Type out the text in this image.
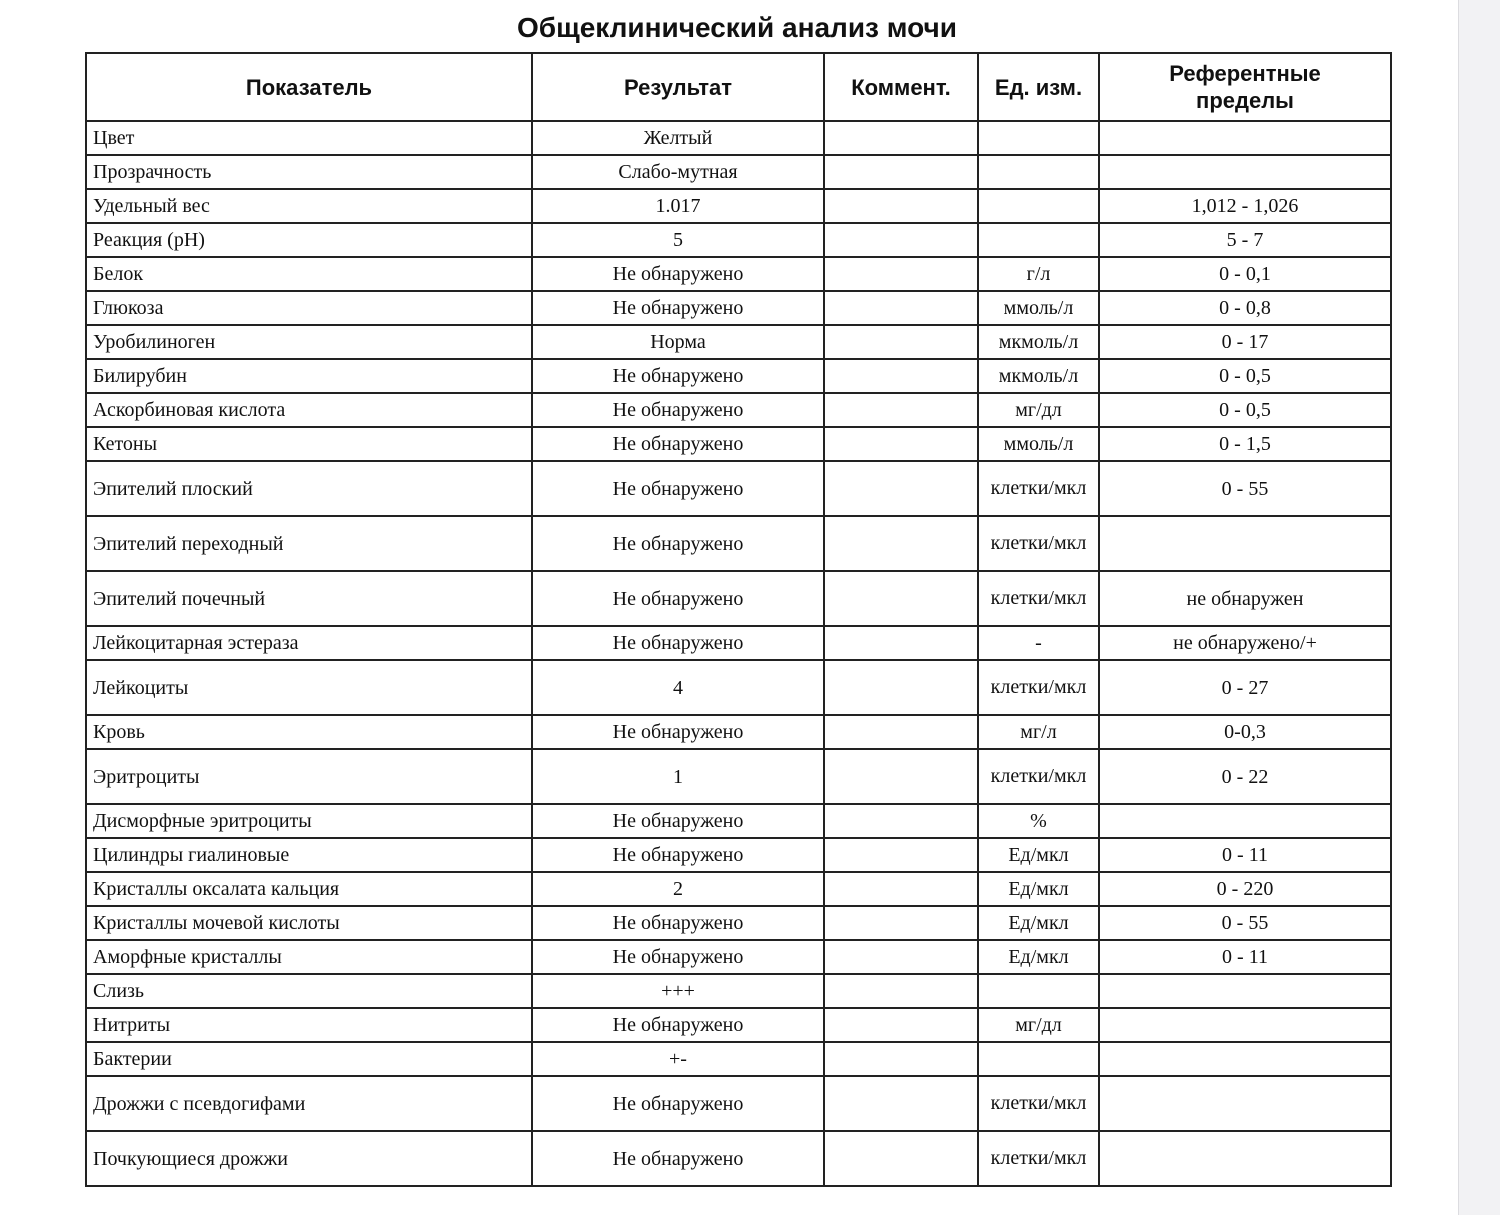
Общеклинический анализ мочи
Показатель	Результат	Коммент.	Ед. изм.	Референтные пределы
Цвет	Желтый			
Прозрачность	Слабо-мутная			
Удельный вес	1.017			1,012 - 1,026
Реакция (pH)	5			5 - 7
Белок	Не обнаружено		г/л	0 - 0,1
Глюкоза	Не обнаружено		ммоль/л	0 - 0,8
Уробилиноген	Норма		мкмоль/л	0 - 17
Билирубин	Не обнаружено		мкмоль/л	0 - 0,5
Аскорбиновая кислота	Не обнаружено		мг/дл	0 - 0,5
Кетоны	Не обнаружено		ммоль/л	0 - 1,5
Эпителий плоский	Не обнаружено		клетки/мкл	0 - 55
Эпителий переходный	Не обнаружено		клетки/мкл	
Эпителий почечный	Не обнаружено		клетки/мкл	не обнаружен
Лейкоцитарная эстераза	Не обнаружено		-	не обнаружено/+
Лейкоциты	4		клетки/мкл	0 - 27
Кровь	Не обнаружено		мг/л	0-0,3
Эритроциты	1		клетки/мкл	0 - 22
Дисморфные эритроциты	Не обнаружено		%	
Цилиндры гиалиновые	Не обнаружено		Ед/мкл	0 - 11
Кристаллы оксалата кальция	2		Ед/мкл	0 - 220
Кристаллы мочевой кислоты	Не обнаружено		Ед/мкл	0 - 55
Аморфные кристаллы	Не обнаружено		Ед/мкл	0 - 11
Слизь	+++			
Нитриты	Не обнаружено		мг/дл	
Бактерии	+-			
Дрожжи с псевдогифами	Не обнаружено		клетки/мкл	
Почкующиеся дрожжи	Не обнаружено		клетки/мкл	
